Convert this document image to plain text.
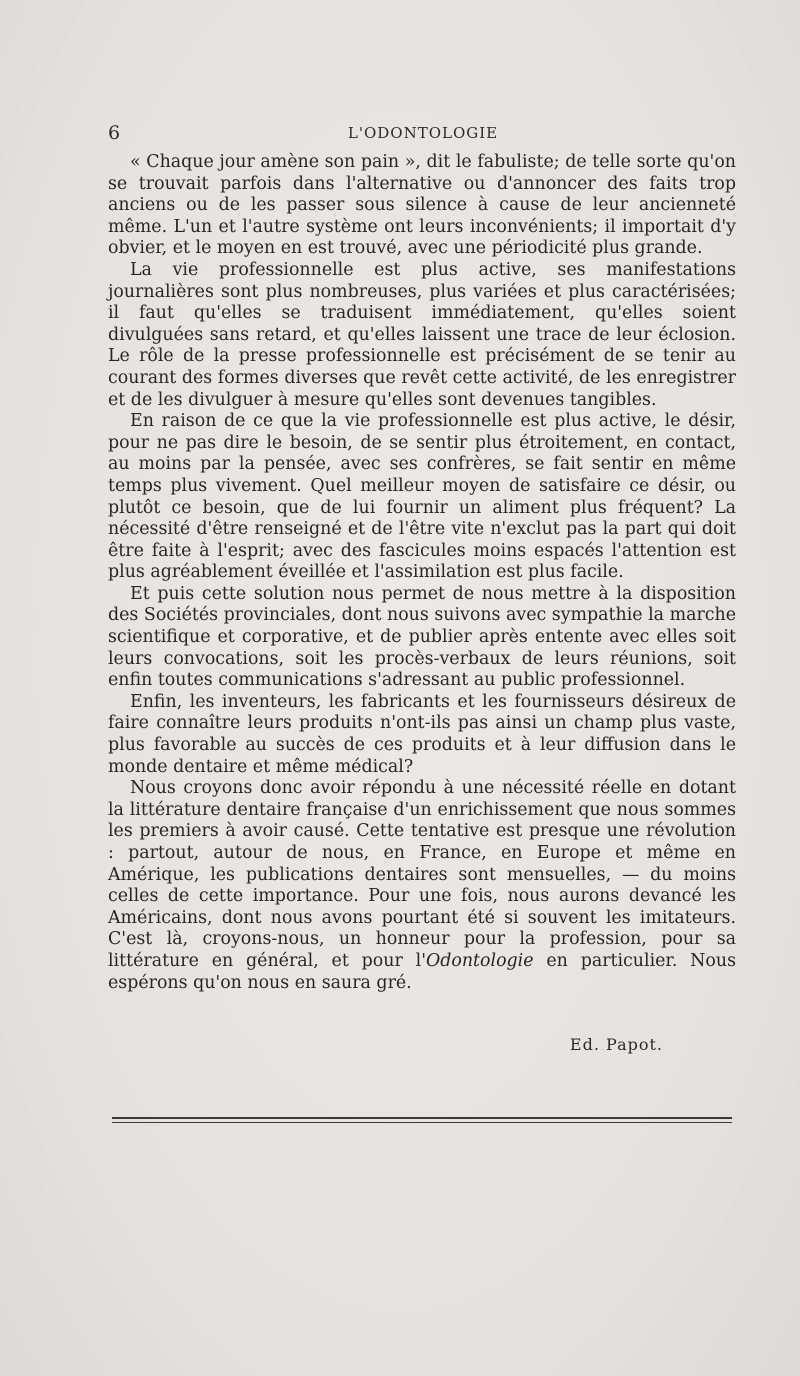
6	L'ODONTOLOGIE

« Chaque jour amène son pain », dit le fabuliste; de telle sorte qu'on se trouvait parfois dans l'alternative ou d'annoncer des faits trop anciens ou de les passer sous silence à cause de leur ancienneté même. L'un et l'autre système ont leurs inconvénients; il importait d'y obvier, et le moyen en est trouvé, avec une périodicité plus grande.

La vie professionnelle est plus active, ses manifestations journalières sont plus nombreuses, plus variées et plus caractérisées; il faut qu'elles se traduisent immédiatement, qu'elles soient divulguées sans retard, et qu'elles laissent une trace de leur éclosion. Le rôle de la presse professionnelle est précisément de se tenir au courant des formes diverses que revêt cette activité, de les enregistrer et de les divulguer à mesure qu'elles sont devenues tangibles.

En raison de ce que la vie professionnelle est plus active, le désir, pour ne pas dire le besoin, de se sentir plus étroitement, en contact, au moins par la pensée, avec ses confrères, se fait sentir en même temps plus vivement. Quel meilleur moyen de satisfaire ce désir, ou plutôt ce besoin, que de lui fournir un aliment plus fréquent? La nécessité d'être renseigné et de l'être vite n'exclut pas la part qui doit être faite à l'esprit; avec des fascicules moins espacés l'attention est plus agréablement éveillée et l'assimilation est plus facile.

Et puis cette solution nous permet de nous mettre à la disposition des Sociétés provinciales, dont nous suivons avec sympathie la marche scientifique et corporative, et de publier après entente avec elles soit leurs convocations, soit les procès-verbaux de leurs réunions, soit enfin toutes communications s'adressant au public professionnel.

Enfin, les inventeurs, les fabricants et les fournisseurs désireux de faire connaître leurs produits n'ont-ils pas ainsi un champ plus vaste, plus favorable au succès de ces produits et à leur diffusion dans le monde dentaire et même médical?

Nous croyons donc avoir répondu à une nécessité réelle en dotant la littérature dentaire française d'un enrichissement que nous sommes les premiers à avoir causé. Cette tentative est presque une révolution : partout, autour de nous, en France, en Europe et même en Amérique, les publications dentaires sont mensuelles, — du moins celles de cette importance. Pour une fois, nous aurons devancé les Américains, dont nous avons pourtant été si souvent les imitateurs. C'est là, croyons-nous, un honneur pour la profession, pour sa littérature en général, et pour l'Odontologie en particulier. Nous espérons qu'on nous en saura gré.

Ed. Papot.
